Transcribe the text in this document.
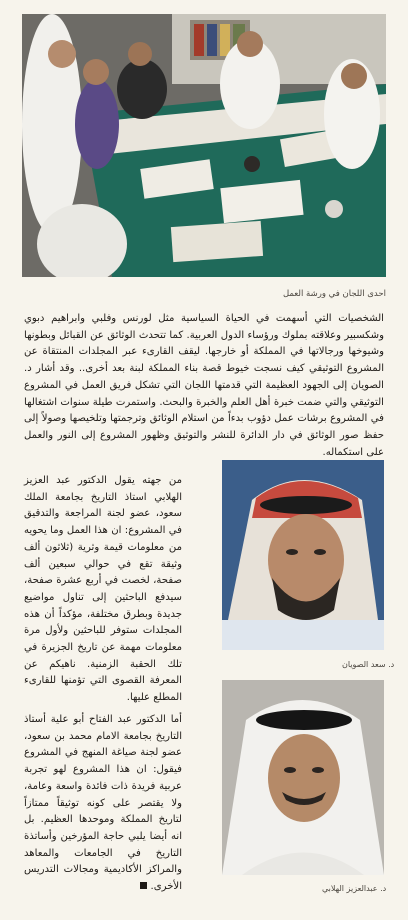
احدى اللجان في ورشة العمل

الشخصيات التي أسهمت في الحياة السياسية مثل لورنس وفلبي وابراهيم دبوي وشكسبير وعلاقته بملوك ورؤساء الدول العربية. كما تتحدث الوثائق عن القبائل وبطونها وشيوخها ورجالاتها في المملكة أو خارجها. ليقف القارىء عبر المجلدات المنتقاة عن المشروع التوثيقي كيف نسجت خيوط قصة بناء المملكة لبنة بعد أخرى.. وقد أشار د. الصويان إلى الجهود العظيمة التي قدمتها اللجان التي تشكل فريق العمل في المشروع التوثيقي والتي ضمت خبرة أهل العلم والخبرة والبحث. واستمرت طيلة سنوات اشتغالها في المشروع برشات عمل دؤوب بدءاً من استلام الوثائق وترجمتها وتلخيصها وصولاً إلى حفظ صور الوثائق في دار الدائرة للنشر والتوثيق وظهور المشروع إلى النور والعمل على استكماله.

د. سعد الصويان

من جهته يقول الدكتور عبد العزيز الهلابي استاذ التاريخ بجامعة الملك سعود، عضو لجنة المراجعة والتدقيق في المشروع: ان هذا العمل وما يحويه من معلومات قيمة وثرية (ثلاثون ألف وثيقة تقع في حوالي سبعين ألف صفحة، لخصت في أربع عشرة صفحة، سيدفع الباحثين إلى تناول مواضيع جديدة وبطرق مختلفة، مؤكداً أن هذه المجلدات ستوفر للباحثين ولأول مرة معلومات مهمة عن تاريخ الجزيرة في تلك الحقبة الزمنية. ناهيكم عن المعرفة القصوى التي تؤمنها للقارىء المطلع عليها.

د. عبدالعزيز الهلابي

أما الدكتور عبد الفتاح أبو علية أستاذ التاريخ بجامعة الامام محمد بن سعود، عضو لجنة صياغة المنهج في المشروع فيقول: ان هذا المشروع لهو تجربة عربية فريدة ذات فائدة واسعة وعامة، ولا يقتصر على كونه توثيقاً ممتازاً لتاريخ المملكة وموحدها العظيم. بل انه أيضا يلبي حاجة المؤرخين وأساتذة التاريخ في الجامعات والمعاهد والمراكز الأكاديمية ومجالات التدريس الأخرى.
